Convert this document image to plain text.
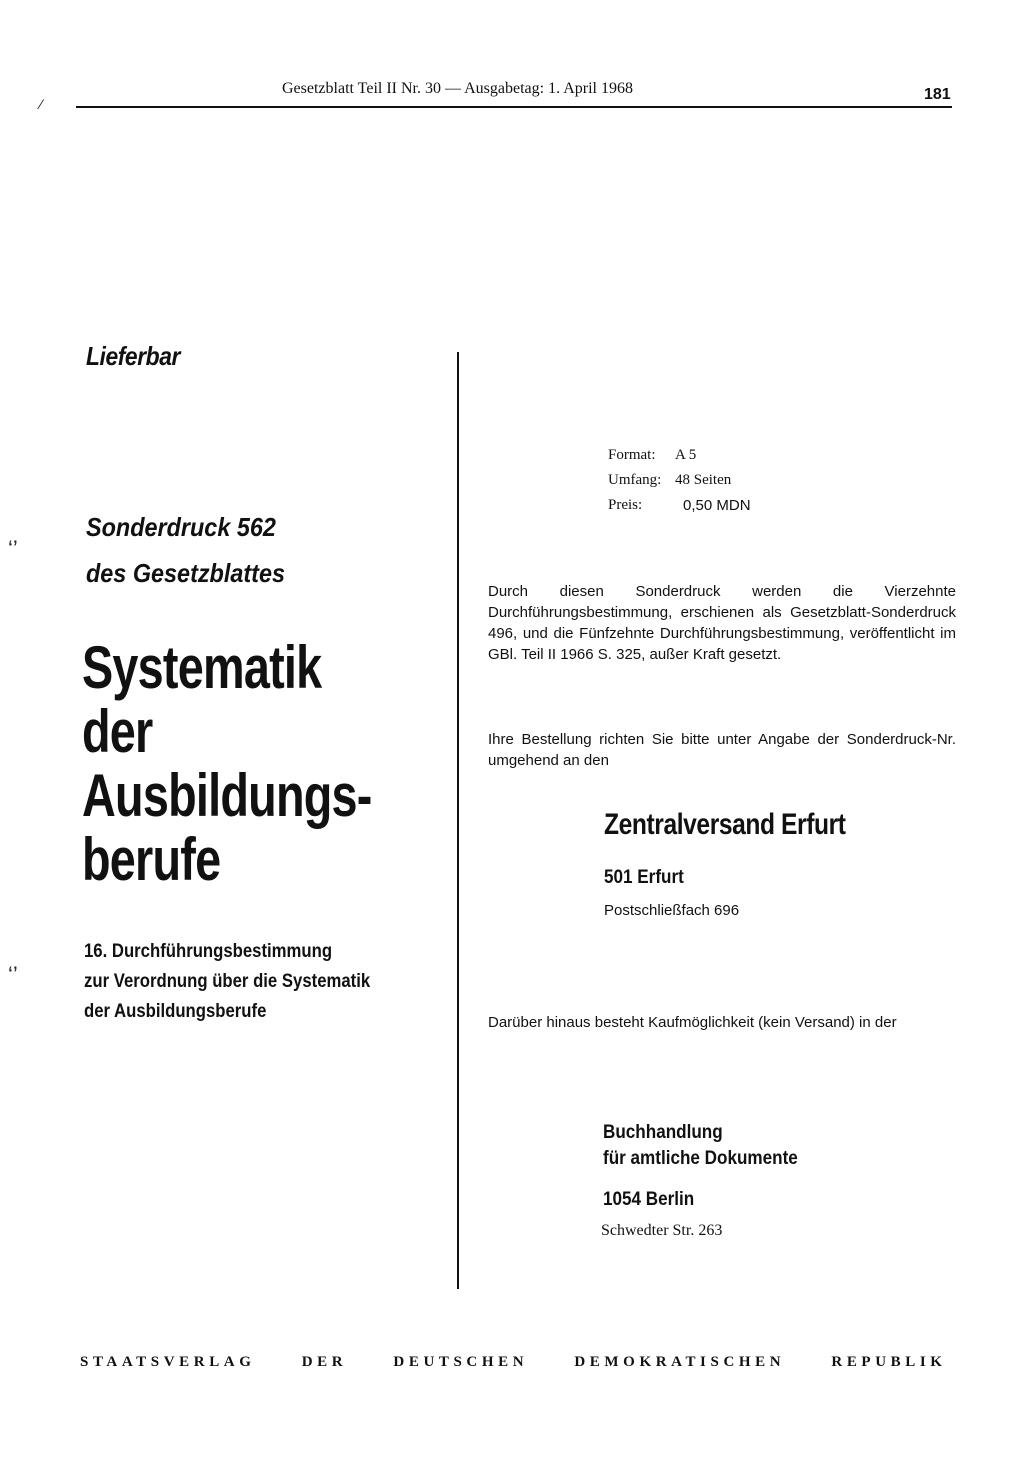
Gesetzblatt Teil II Nr. 30 — Ausgabetag: 1. April 1968	181
⁄
‘’
‘’
Lieferbar
Sonderdruck 562
des Gesetzblattes
Systematik
der
Ausbildungs-
berufe
16. Durchführungsbestimmung
zur Verordnung über die Systematik
der Ausbildungsberufe
Format:	A 5
Umfang: 48 Seiten
Preis:	0,50 MDN
Durch diesen Sonderdruck werden die Vierzehnte Durchführungsbestimmung, erschienen als Gesetzblatt-Sonderdruck 496, und die Fünfzehnte Durchführungsbestimmung, veröffentlicht im GBl. Teil II 1966 S. 325, außer Kraft gesetzt.
Ihre Bestellung richten Sie bitte unter Angabe der Sonderdruck-Nr. umgehend an den
Zentralversand Erfurt
501 Erfurt
Postschließfach 696
Darüber hinaus besteht Kaufmöglichkeit (kein Versand) in der
Buchhandlung
für amtliche Dokumente
1054 Berlin
Schwedter Str. 263
STAATSVERLAG	DER	DEUTSCHEN	DEMOKRATISCHEN	REPUBLIK
